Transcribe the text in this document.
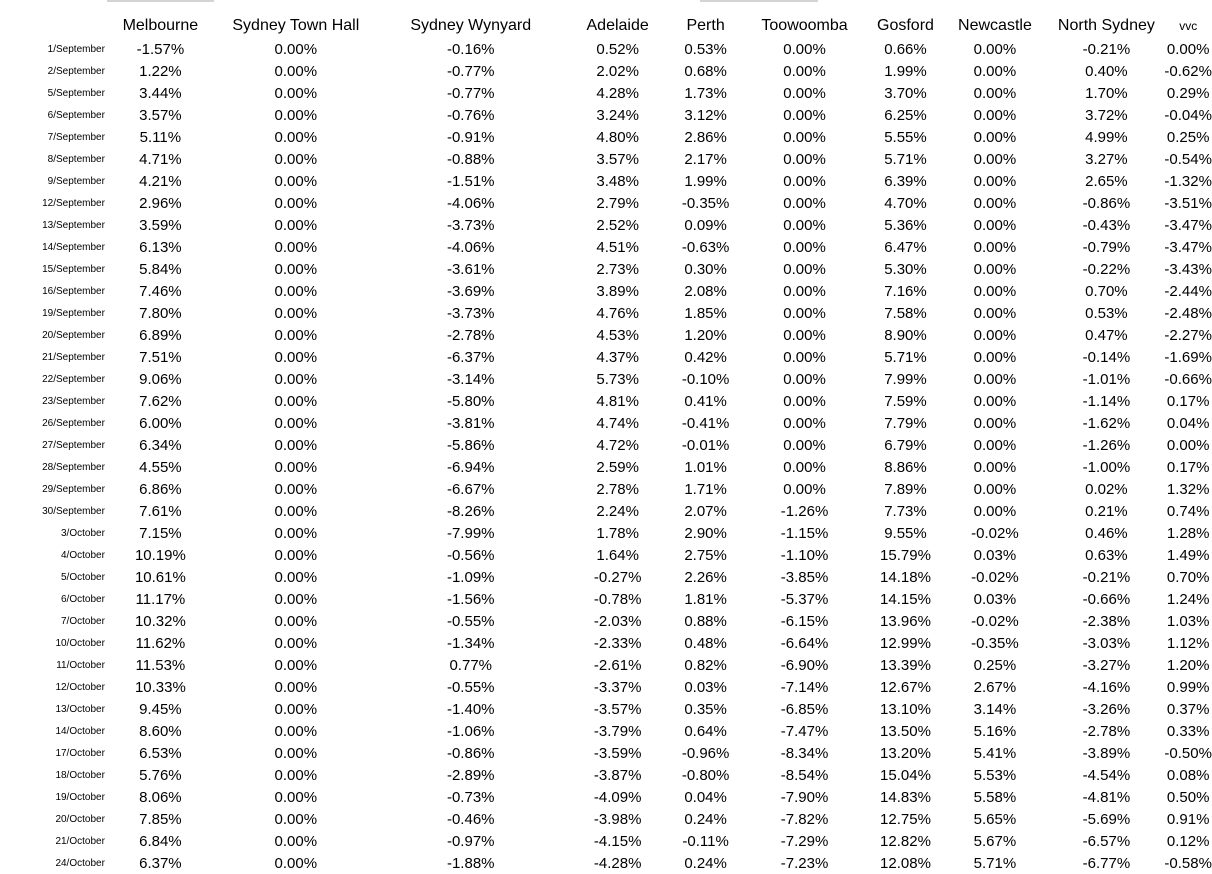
	Melbourne	Sydney Town Hall	Sydney Wynyard	Adelaide	Perth	Toowoomba	Gosford	Newcastle	North Sydney	vvc
1/September	-1.57%	0.00%	-0.16%	0.52%	0.53%	0.00%	0.66%	0.00%	-0.21%	0.00%
2/September	1.22%	0.00%	-0.77%	2.02%	0.68%	0.00%	1.99%	0.00%	0.40%	-0.62%
5/September	3.44%	0.00%	-0.77%	4.28%	1.73%	0.00%	3.70%	0.00%	1.70%	0.29%
6/September	3.57%	0.00%	-0.76%	3.24%	3.12%	0.00%	6.25%	0.00%	3.72%	-0.04%
7/September	5.11%	0.00%	-0.91%	4.80%	2.86%	0.00%	5.55%	0.00%	4.99%	0.25%
8/September	4.71%	0.00%	-0.88%	3.57%	2.17%	0.00%	5.71%	0.00%	3.27%	-0.54%
9/September	4.21%	0.00%	-1.51%	3.48%	1.99%	0.00%	6.39%	0.00%	2.65%	-1.32%
12/September	2.96%	0.00%	-4.06%	2.79%	-0.35%	0.00%	4.70%	0.00%	-0.86%	-3.51%
13/September	3.59%	0.00%	-3.73%	2.52%	0.09%	0.00%	5.36%	0.00%	-0.43%	-3.47%
14/September	6.13%	0.00%	-4.06%	4.51%	-0.63%	0.00%	6.47%	0.00%	-0.79%	-3.47%
15/September	5.84%	0.00%	-3.61%	2.73%	0.30%	0.00%	5.30%	0.00%	-0.22%	-3.43%
16/September	7.46%	0.00%	-3.69%	3.89%	2.08%	0.00%	7.16%	0.00%	0.70%	-2.44%
19/September	7.80%	0.00%	-3.73%	4.76%	1.85%	0.00%	7.58%	0.00%	0.53%	-2.48%
20/September	6.89%	0.00%	-2.78%	4.53%	1.20%	0.00%	8.90%	0.00%	0.47%	-2.27%
21/September	7.51%	0.00%	-6.37%	4.37%	0.42%	0.00%	5.71%	0.00%	-0.14%	-1.69%
22/September	9.06%	0.00%	-3.14%	5.73%	-0.10%	0.00%	7.99%	0.00%	-1.01%	-0.66%
23/September	7.62%	0.00%	-5.80%	4.81%	0.41%	0.00%	7.59%	0.00%	-1.14%	0.17%
26/September	6.00%	0.00%	-3.81%	4.74%	-0.41%	0.00%	7.79%	0.00%	-1.62%	0.04%
27/September	6.34%	0.00%	-5.86%	4.72%	-0.01%	0.00%	6.79%	0.00%	-1.26%	0.00%
28/September	4.55%	0.00%	-6.94%	2.59%	1.01%	0.00%	8.86%	0.00%	-1.00%	0.17%
29/September	6.86%	0.00%	-6.67%	2.78%	1.71%	0.00%	7.89%	0.00%	0.02%	1.32%
30/September	7.61%	0.00%	-8.26%	2.24%	2.07%	-1.26%	7.73%	0.00%	0.21%	0.74%
3/October	7.15%	0.00%	-7.99%	1.78%	2.90%	-1.15%	9.55%	-0.02%	0.46%	1.28%
4/October	10.19%	0.00%	-0.56%	1.64%	2.75%	-1.10%	15.79%	0.03%	0.63%	1.49%
5/October	10.61%	0.00%	-1.09%	-0.27%	2.26%	-3.85%	14.18%	-0.02%	-0.21%	0.70%
6/October	11.17%	0.00%	-1.56%	-0.78%	1.81%	-5.37%	14.15%	0.03%	-0.66%	1.24%
7/October	10.32%	0.00%	-0.55%	-2.03%	0.88%	-6.15%	13.96%	-0.02%	-2.38%	1.03%
10/October	11.62%	0.00%	-1.34%	-2.33%	0.48%	-6.64%	12.99%	-0.35%	-3.03%	1.12%
11/October	11.53%	0.00%	0.77%	-2.61%	0.82%	-6.90%	13.39%	0.25%	-3.27%	1.20%
12/October	10.33%	0.00%	-0.55%	-3.37%	0.03%	-7.14%	12.67%	2.67%	-4.16%	0.99%
13/October	9.45%	0.00%	-1.40%	-3.57%	0.35%	-6.85%	13.10%	3.14%	-3.26%	0.37%
14/October	8.60%	0.00%	-1.06%	-3.79%	0.64%	-7.47%	13.50%	5.16%	-2.78%	0.33%
17/October	6.53%	0.00%	-0.86%	-3.59%	-0.96%	-8.34%	13.20%	5.41%	-3.89%	-0.50%
18/October	5.76%	0.00%	-2.89%	-3.87%	-0.80%	-8.54%	15.04%	5.53%	-4.54%	0.08%
19/October	8.06%	0.00%	-0.73%	-4.09%	0.04%	-7.90%	14.83%	5.58%	-4.81%	0.50%
20/October	7.85%	0.00%	-0.46%	-3.98%	0.24%	-7.82%	12.75%	5.65%	-5.69%	0.91%
21/October	6.84%	0.00%	-0.97%	-4.15%	-0.11%	-7.29%	12.82%	5.67%	-6.57%	0.12%
24/October	6.37%	0.00%	-1.88%	-4.28%	0.24%	-7.23%	12.08%	5.71%	-6.77%	-0.58%
